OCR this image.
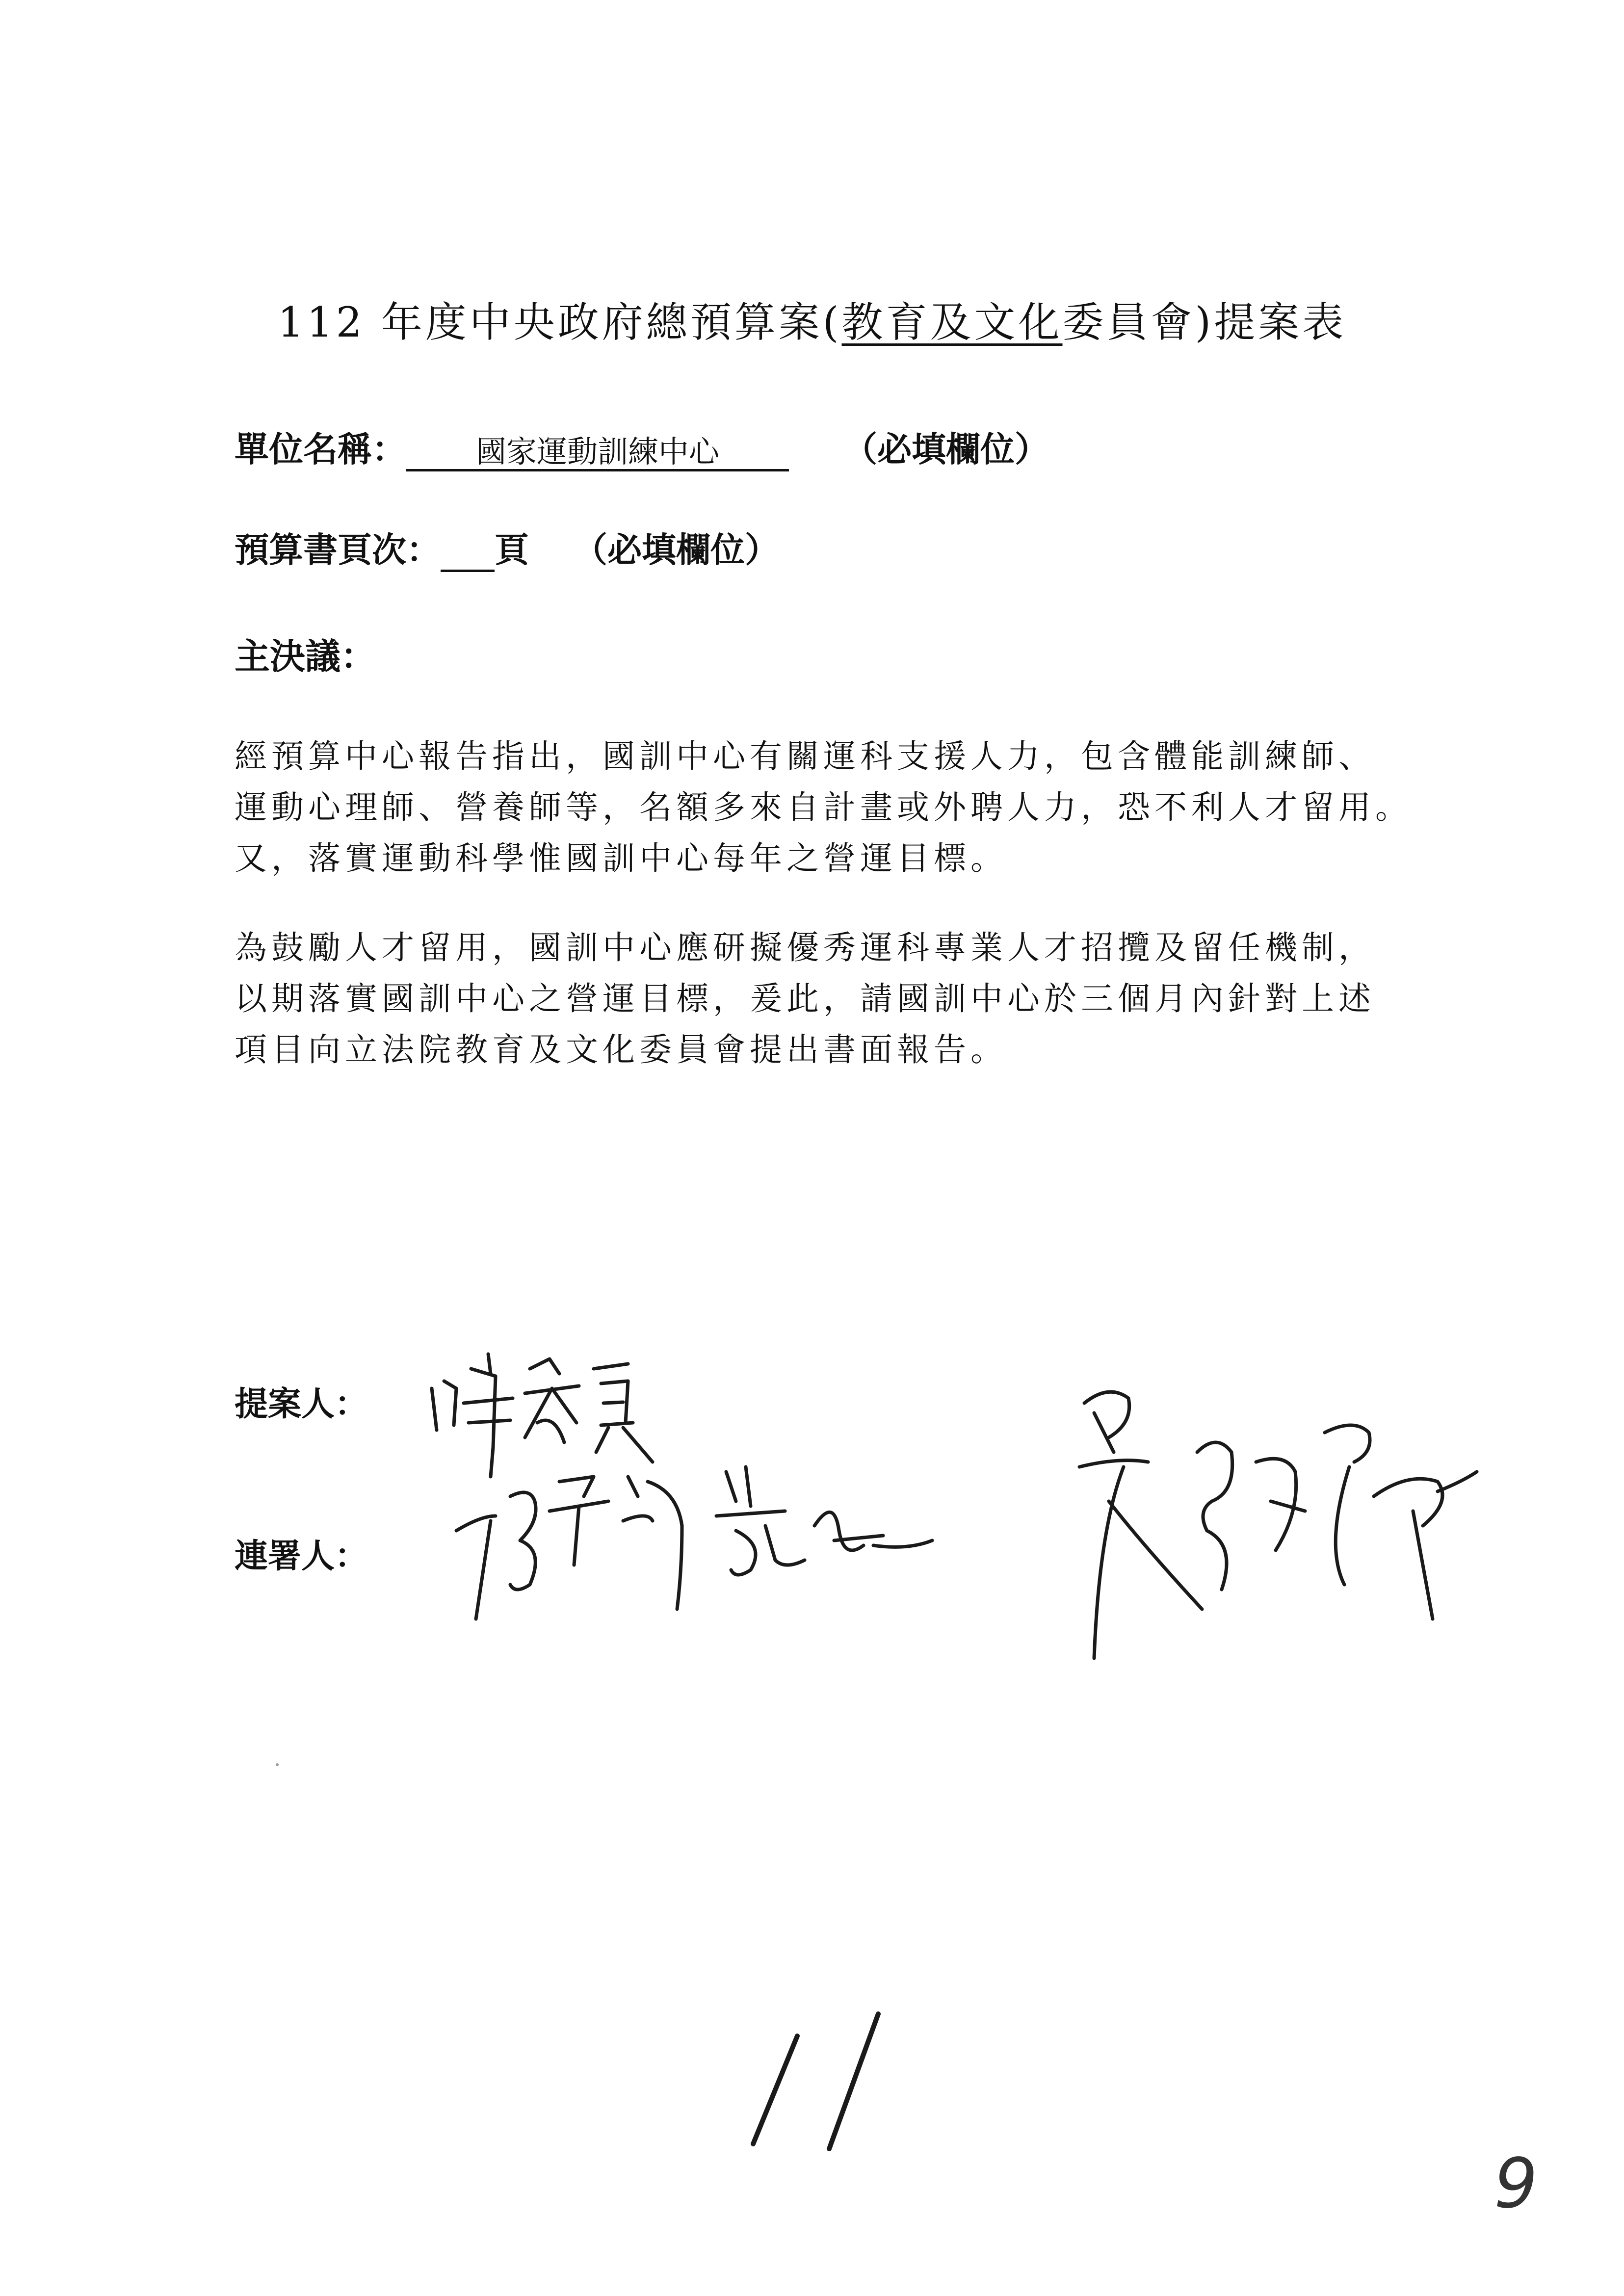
112 年度中央政府總預算案(教育及文化委員會)提案表
單位名稱： 國家運動訓練中心	（必填欄位）
預算書頁次： 頁 （必填欄位）
主決議：

經預算中心報告指出，國訓中心有關運科支援人力，包含體能訓練師、

運動心理師、營養師等，名額多來自計畫或外聘人力，恐不利人才留用。

又，落實運動科學惟國訓中心每年之營運目標。

為鼓勵人才留用，國訓中心應研擬優秀運科專業人才招攬及留任機制，

以期落實國訓中心之營運目標，爰此，請國訓中心於三個月內針對上述

項目向立法院教育及文化委員會提出書面報告。

提案人：
連署人：
9
